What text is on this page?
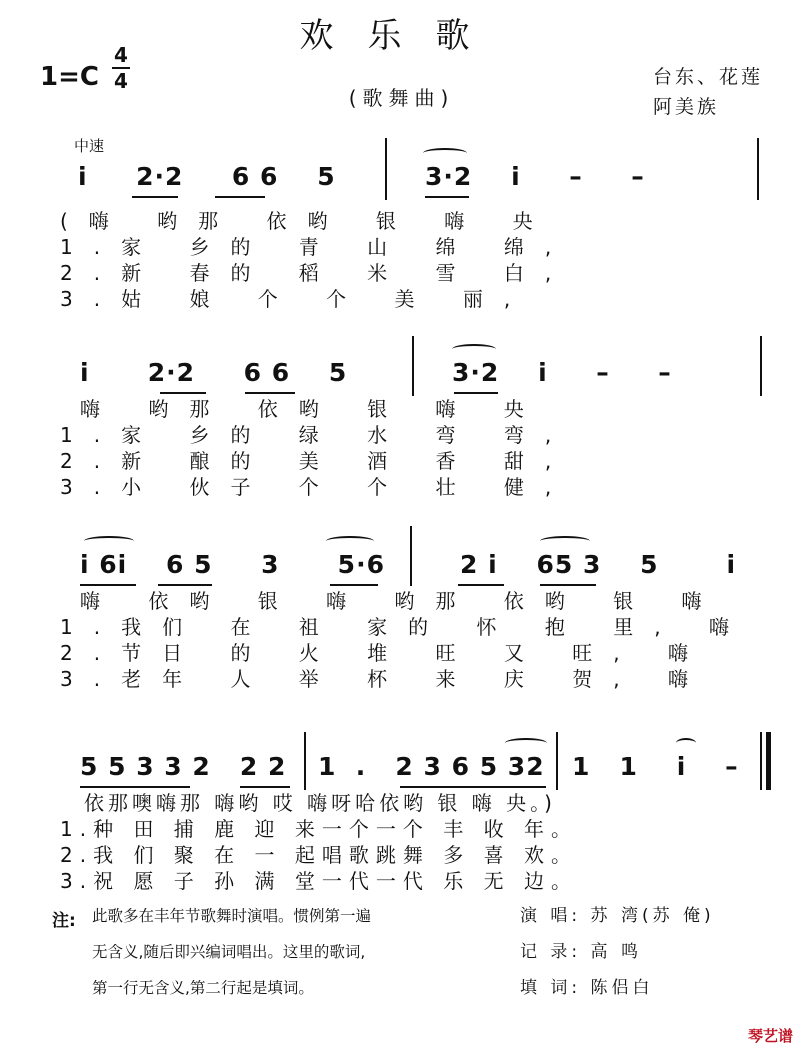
欢乐歌
1=C
4
4
(歌舞曲)
台东、花莲
阿美族
中速
i     2·2     6 6    5	3·2    i     –     –
(嗨 哟那 依哟 银 嗨 央
1.家 乡的 青 山 绵 绵,
2.新 春的 稻 米 雪 白,
3.姑 娘 个 个 美 丽,
i      2·2     6 6    5	3·2    i     –     –
嗨 哟那 依哟 银 嗨 央
1.家 乡的 绿 水 弯 弯,
2.新 酿的 美 酒 香 甜,
3.小 伙子 个 个 壮 健,
i 6i    6 5     3      5·6	2 i    65 3    5       i
嗨 依哟 银 嗨 哟那 依哟 银 嗨
1.我们 在 祖 家的 怀 抱 里, 嗨
2.节日 的 火 堆 旺 又 旺, 嗨
3.老年 人 举 杯 来 庆 贺, 嗨
5 5 3 3 2   2 2 1  .   2 3 6 5 32 1   1    i    –
依那噢嗨那 嗨哟 哎 嗨呀哈依哟 银 嗨 央。)
1.种 田 捕 鹿 迎 来一个一个 丰 收 年。
2.我 们 聚 在 一 起唱歌跳舞 多 喜 欢。
3.祝 愿 子 孙 满 堂一代一代 乐 无 边。
注: 此歌多在丰年节歌舞时演唱。惯例第一遍
无含义,随后即兴编词唱出。这里的歌词,
第一行无含义,第二行起是填词。
演 唱: 苏 湾(苏 俺)
记 录: 高 鸣
填 词: 陈侣白
琴艺谱
